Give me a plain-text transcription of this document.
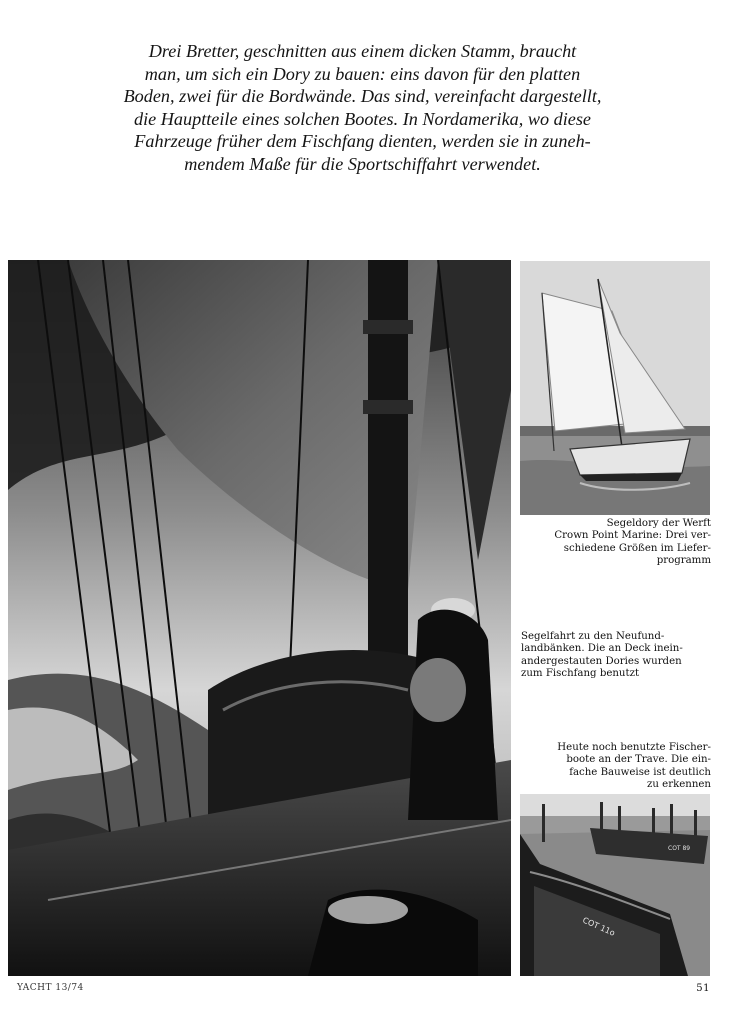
Drei Bretter, geschnitten aus einem dicken Stamm, braucht
man, um sich ein Dory zu bauen: eins davon für den platten
Boden, zwei für die Bordwände. Das sind, vereinfacht dargestellt,
die Hauptteile eines solchen Bootes. In Nordamerika, wo diese
Fahrzeuge früher dem Fischfang dienten, werden sie in zuneh-
mendem Maße für die Sportschiffahrt verwendet.
Segeldory der Werft
Crown Point Marine: Drei ver-
schiedene Größen im Liefer-
programm
Segelfahrt zu den Neufund-
landbänken. Die an Deck inein-
andergestauten Dories wurden
zum Fischfang benutzt
Heute noch benutzte Fischer-
boote an der Trave. Die ein-
fache Bauweise ist deutlich
zu erkennen
COT 89
COT 11o
YACHT 13/74	51
